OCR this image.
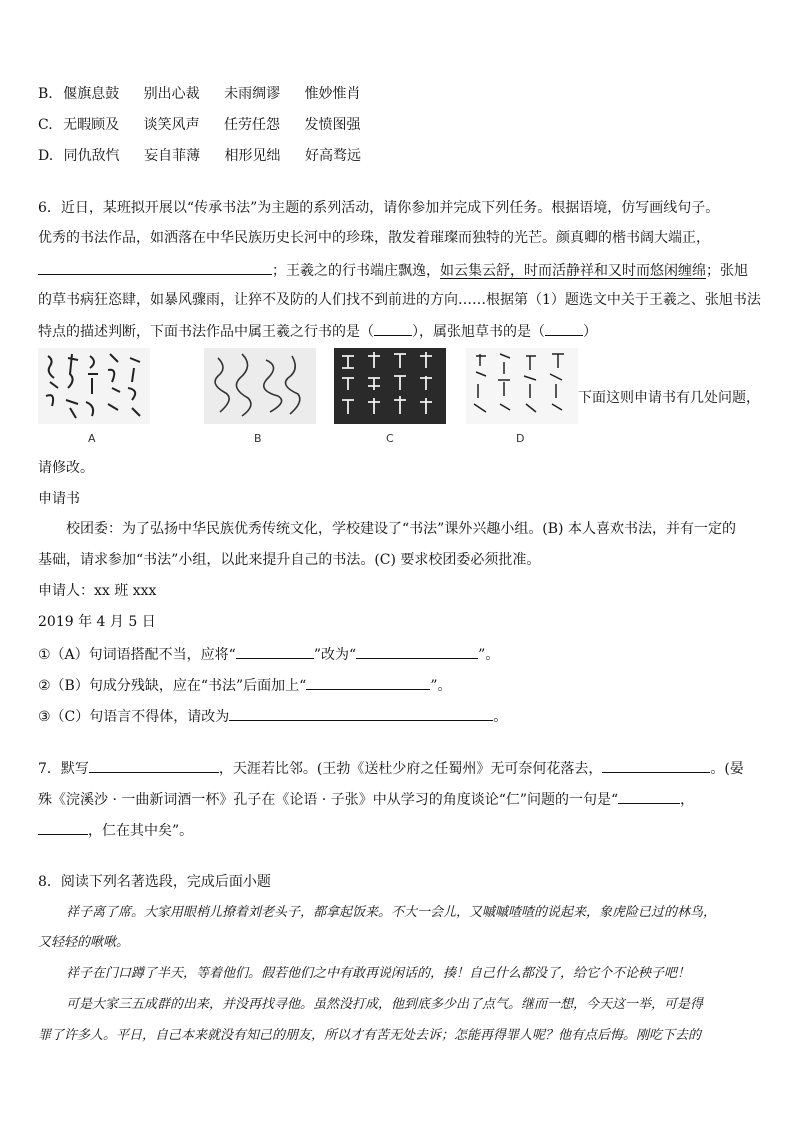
B. 偃旗息鼓 别出心裁 未雨绸谬 惟妙惟肖
C. 无暇顾及 谈笑风声 任劳任怨 发愤图强
D. 同仇敌忾 妄自菲薄 相形见绌 好高骛远
6．近日，某班拟开展以“传承书法”为主题的系列活动，请你参加并完成下列任务。根据语境，仿写画线句子。
优秀的书法作品，如洒落在中华民族历史长河中的珍珠，散发着璀璨而独特的光芒。颜真卿的楷书阔大端正，
；王羲之的行书端庄飘逸，如云集云舒，时而活静祥和又时而悠闲缠绵；张旭
的草书病狂恣肆，如暴风骤雨，让猝不及防的人们找不到前进的方向……根据第（1）题选文中关于王羲之、张旭书法
特点的描述判断，下面书法作品中属王羲之行书的是（	），属张旭草书的是（	）
A	B	C	D
下面这则申请书有几处问题，
请修改。
申请书
校团委：为了弘扬中华民族优秀传统文化，学校建设了“书法”课外兴趣小组。(B) 本人喜欢书法，并有一定的
基础，请求参加“书法”小组，以此来提升自己的书法。(C) 要求校团委必须批准。
申请人：xx 班 xxx
2019 年 4 月 5 日
①（A）句词语搭配不当，应将“	”改为“	”。
②（B）句成分残缺，应在“书法”后面加上“	”。
③（C）句语言不得体，请改为	。
7．默写	，天涯若比邻。(王勃《送杜少府之任蜀州》无可奈何花落去，	。(晏
殊《浣溪沙 · 一曲新词酒一杯》孔子在《论语 · 子张》中从学习的角度谈论“仁”问题的一句是“	，
，仁在其中矣”。
8．阅读下列名著选段，完成后面小题
祥子离了席。大家用眼梢儿撩着刘老头子，都拿起饭来。不大一会儿，又嘁嘁喳喳的说起来，象虎险已过的林鸟，
又轻轻的啾啾。
祥子在门口蹲了半天，等着他们。假若他们之中有敢再说闲话的，揍！自己什么都没了，给它个不论秧子吧！
可是大家三五成群的出来，并没再找寻他。虽然没打成，他到底多少出了点气。继而一想，今天这一举，可是得
罪了许多人。平日，自己本来就没有知己的朋友，所以才有苦无处去诉；怎能再得罪人呢？他有点后悔。刚吃下去的
